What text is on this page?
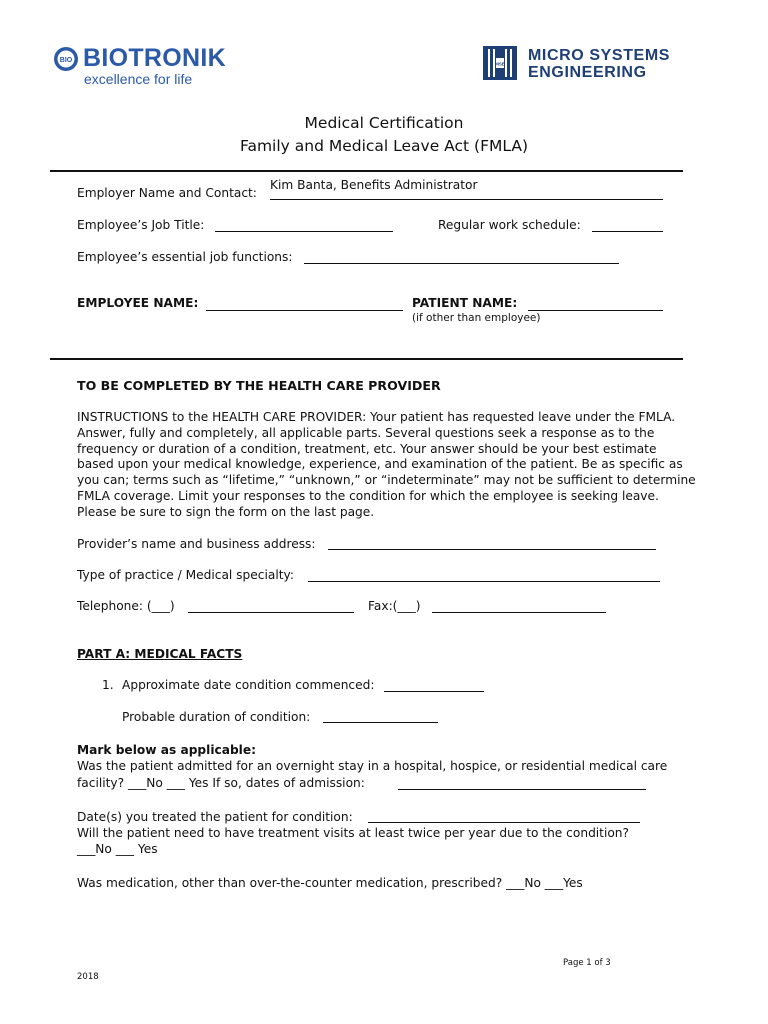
BIO BIOTRONIK
excellence for life
MSE MICRO SYSTEMS
ENGINEERING
Medical Certification
Family and Medical Leave Act (FMLA)
Employer Name and Contact:
Kim Banta, Benefits Administrator
Employee’s Job Title:	Regular work schedule:
Employee’s essential job functions:
EMPLOYEE NAME:	PATIENT NAME:
(if other than employee)
TO BE COMPLETED BY THE HEALTH CARE PROVIDER
INSTRUCTIONS to the HEALTH CARE PROVIDER: Your patient has requested leave under the FMLA. Answer, fully and completely, all applicable parts. Several questions seek a response as to the frequency or duration of a condition, treatment, etc. Your answer should be your best estimate based upon your medical knowledge, experience, and examination of the patient. Be as specific as you can; terms such as “lifetime,” “unknown,” or “indeterminate” may not be sufficient to determine FMLA coverage. Limit your responses to the condition for which the employee is seeking leave. Please be sure to sign the form on the last page.
Provider’s name and business address:
Type of practice / Medical specialty:
Telephone: (___)	Fax:(___)
PART A: MEDICAL FACTS
1. Approximate date condition commenced:
Probable duration of condition:
Mark below as applicable:
Was the patient admitted for an overnight stay in a hospital, hospice, or residential medical care
facility? ___No ___ Yes If so, dates of admission:
Date(s) you treated the patient for condition:
Will the patient need to have treatment visits at least twice per year due to the condition?
___No ___ Yes
Was medication, other than over-the-counter medication, prescribed? ___No ___Yes
Page 1 of 3
2018
